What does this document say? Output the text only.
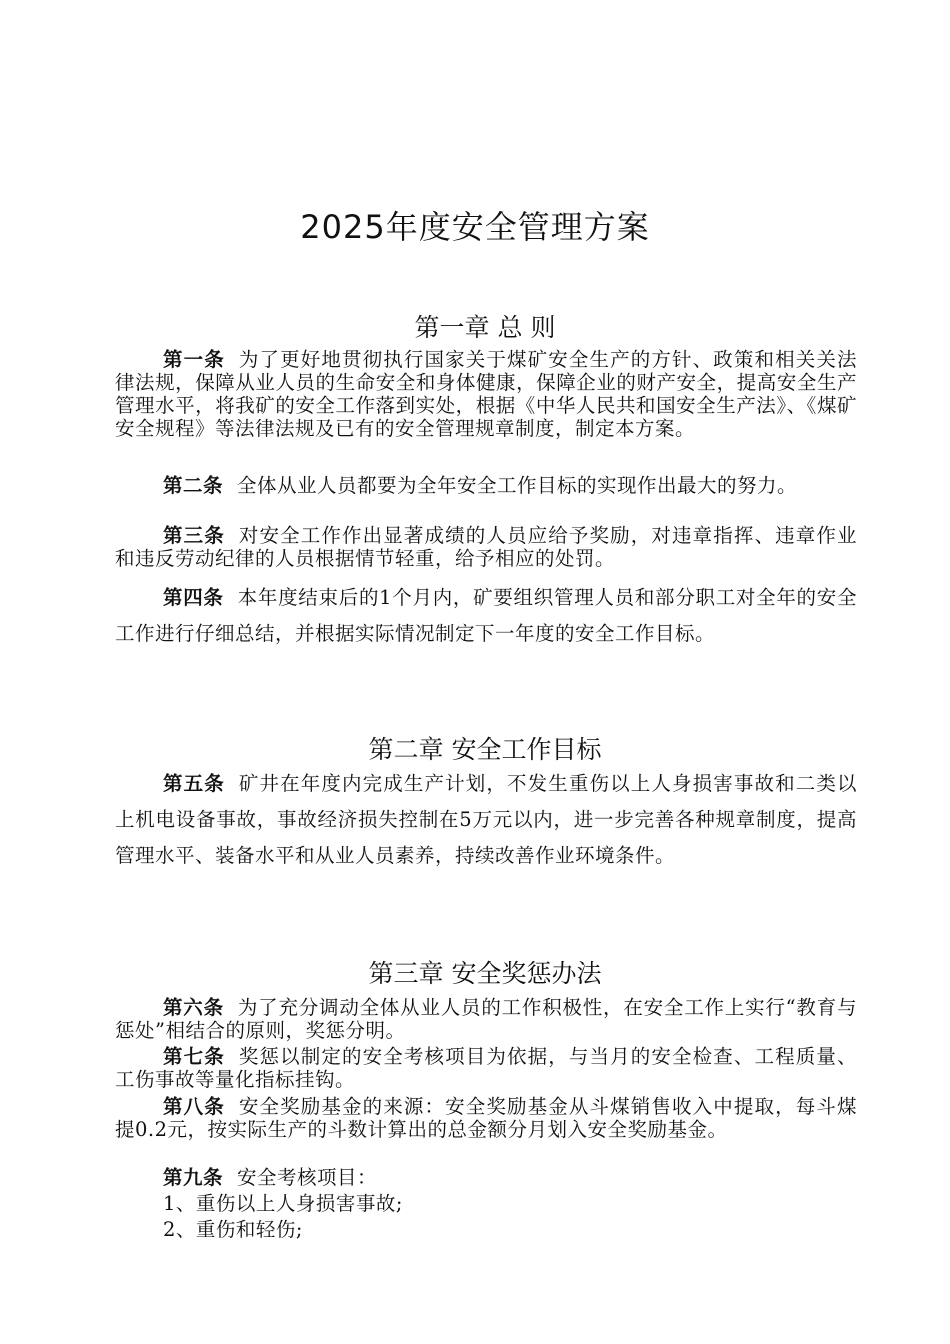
2025年度安全管理方案
第一章 总 则

第一条 为了更好地贯彻执行国家关于煤矿安全生产的方针、政策和相关关法律法规，保障从业人员的生命安全和身体健康，保障企业的财产安全，提高安全生产管理水平，将我矿的安全工作落到实处，根据《中华人民共和国安全生产法》、《煤矿安全规程》等法律法规及已有的安全管理规章制度，制定本方案。

第二条 全体从业人员都要为全年安全工作目标的实现作出最大的努力。

第三条 对安全工作作出显著成绩的人员应给予奖励，对违章指挥、违章作业和违反劳动纪律的人员根据情节轻重，给予相应的处罚。

第四条 本年度结束后的1个月内，矿要组织管理人员和部分职工对全年的安全工作进行仔细总结，并根据实际情况制定下一年度的安全工作目标。

第二章 安全工作目标

第五条 矿井在年度内完成生产计划，不发生重伤以上人身损害事故和二类以上机电设备事故，事故经济损失控制在5万元以内，进一步完善各种规章制度，提高管理水平、装备水平和从业人员素养，持续改善作业环境条件。

第三章 安全奖惩办法

第六条 为了充分调动全体从业人员的工作积极性，在安全工作上实行“教育与惩处”相结合的原则，奖惩分明。

第七条 奖惩以制定的安全考核项目为依据，与当月的安全检查、工程质量、工伤事故等量化指标挂钩。

第八条 安全奖励基金的来源：安全奖励基金从斗煤销售收入中提取，每斗煤提0.2元，按实际生产的斗数计算出的总金额分月划入安全奖励基金。

第九条 安全考核项目：

1、重伤以上人身损害事故;

2、重伤和轻伤;
